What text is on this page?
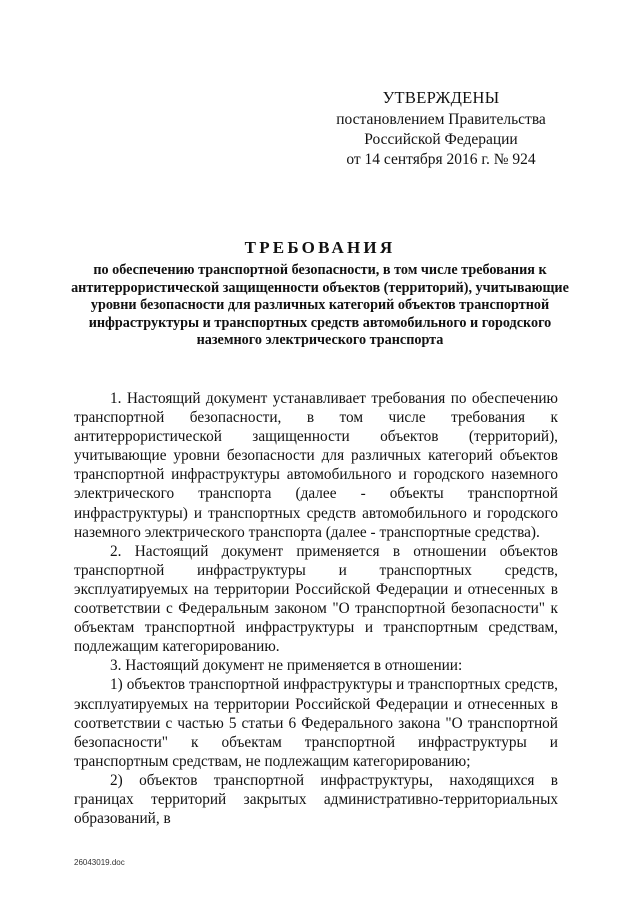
УТВЕРЖДЕНЫ
постановлением Правительства
Российской Федерации
от 14 сентября 2016 г. № 924
ТРЕБОВАНИЯ
по обеспечению транспортной безопасности, в том числе требования к антитеррористической защищенности объектов (территорий), учитывающие уровни безопасности для различных категорий объектов транспортной инфраструктуры и транспортных средств автомобильного и городского наземного электрического транспорта

1. Настоящий документ устанавливает требования по обеспечению транспортной безопасности, в том числе требования к антитеррористической защищенности объектов (территорий), учитывающие уровни безопасности для различных категорий объектов транспортной инфраструктуры автомобильного и городского наземного электрического транспорта (далее - объекты транспортной инфраструктуры) и транспортных средств автомобильного и городского наземного электрического транспорта (далее - транспортные средства).

2. Настоящий документ применяется в отношении объектов транспортной инфраструктуры и транспортных средств, эксплуатируемых на территории Российской Федерации и отнесенных в соответствии с Федеральным законом "О транспортной безопасности" к объектам транспортной инфраструктуры и транспортным средствам, подлежащим категорированию.

3. Настоящий документ не применяется в отношении:

1) объектов транспортной инфраструктуры и транспортных средств, эксплуатируемых на территории Российской Федерации и отнесенных в соответствии с частью 5 статьи 6 Федерального закона "О транспортной безопасности" к объектам транспортной инфраструктуры и транспортным средствам, не подлежащим категорированию;

2) объектов транспортной инфраструктуры, находящихся в границах территорий закрытых административно-территориальных образований, в

26043019.doc
